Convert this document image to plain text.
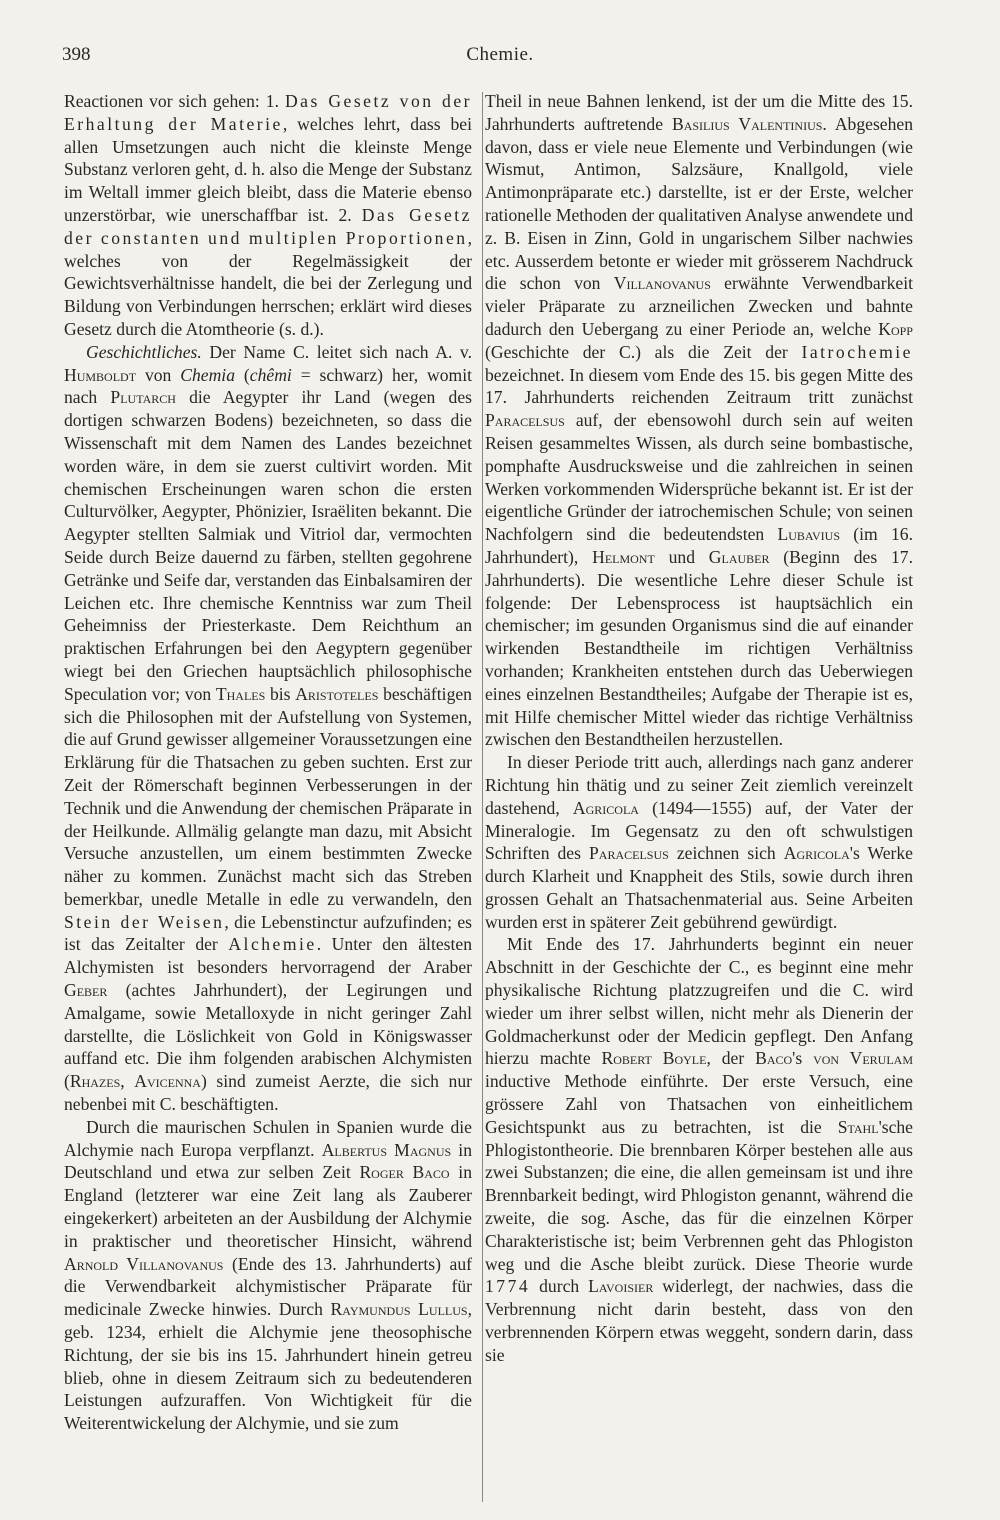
398	Chemie.

Reactionen vor sich gehen: 1. Das Gesetz von der Erhaltung der Materie, welches lehrt, dass bei allen Umsetzungen auch nicht die kleinste Menge Substanz verloren geht, d. h. also die Menge der Substanz im Weltall immer gleich bleibt, dass die Materie ebenso unzerstörbar, wie unerschaffbar ist. 2. Das Gesetz der constanten und multiplen Proportionen, welches von der Regelmässigkeit der Gewichtsverhältnisse handelt, die bei der Zerlegung und Bildung von Verbindungen herrschen; erklärt wird dieses Gesetz durch die Atomtheorie (s. d.).

Geschichtliches. Der Name C. leitet sich nach A. v. Humboldt von Chemia (chêmi = schwarz) her, womit nach Plutarch die Aegypter ihr Land (wegen des dortigen schwarzen Bodens) bezeichneten, so dass die Wissenschaft mit dem Namen des Landes bezeichnet worden wäre, in dem sie zuerst cultivirt worden. Mit chemischen Erscheinungen waren schon die ersten Culturvölker, Aegypter, Phönizier, Israëliten bekannt. Die Aegypter stellten Salmiak und Vitriol dar, vermochten Seide durch Beize dauernd zu färben, stellten gegohrene Getränke und Seife dar, verstanden das Einbalsamiren der Leichen etc. Ihre chemische Kenntniss war zum Theil Geheimniss der Priesterkaste. Dem Reichthum an praktischen Erfahrungen bei den Aegyptern gegenüber wiegt bei den Griechen hauptsächlich philosophische Speculation vor; von Thales bis Aristoteles beschäftigen sich die Philosophen mit der Aufstellung von Systemen, die auf Grund gewisser allgemeiner Voraussetzungen eine Erklärung für die Thatsachen zu geben suchten. Erst zur Zeit der Römerschaft beginnen Verbesserungen in der Technik und die Anwendung der chemischen Präparate in der Heilkunde. Allmälig gelangte man dazu, mit Absicht Versuche anzustellen, um einem bestimmten Zwecke näher zu kommen. Zunächst macht sich das Streben bemerkbar, unedle Metalle in edle zu verwandeln, den Stein der Weisen, die Lebenstinctur aufzufinden; es ist das Zeitalter der Alchemie. Unter den ältesten Alchymisten ist besonders hervorragend der Araber Geber (achtes Jahrhundert), der Legirungen und Amalgame, sowie Metalloxyde in nicht geringer Zahl darstellte, die Löslichkeit von Gold in Königswasser auffand etc. Die ihm folgenden arabischen Alchymisten (Rhazes, Avicenna) sind zumeist Aerzte, die sich nur nebenbei mit C. beschäftigten.

Durch die maurischen Schulen in Spanien wurde die Alchymie nach Europa verpflanzt. Albertus Magnus in Deutschland und etwa zur selben Zeit Roger Baco in England (letzterer war eine Zeit lang als Zauberer eingekerkert) arbeiteten an der Ausbildung der Alchymie in praktischer und theoretischer Hinsicht, während Arnold Villanovanus (Ende des 13. Jahrhunderts) auf die Verwendbarkeit alchymistischer Präparate für medicinale Zwecke hinwies. Durch Raymundus Lullus, geb. 1234, erhielt die Alchymie jene theosophische Richtung, der sie bis ins 15. Jahrhundert hinein getreu blieb, ohne in diesem Zeitraum sich zu bedeutenderen Leistungen aufzuraffen. Von Wichtigkeit für die Weiterentwickelung der Alchymie, und sie zum

Theil in neue Bahnen lenkend, ist der um die Mitte des 15. Jahrhunderts auftretende Basilius Valentinius. Abgesehen davon, dass er viele neue Elemente und Verbindungen (wie Wismut, Antimon, Salzsäure, Knallgold, viele Antimonpräparate etc.) darstellte, ist er der Erste, welcher rationelle Methoden der qualitativen Analyse anwendete und z. B. Eisen in Zinn, Gold in ungarischem Silber nachwies etc. Ausserdem betonte er wieder mit grösserem Nachdruck die schon von Villanovanus erwähnte Verwendbarkeit vieler Präparate zu arzneilichen Zwecken und bahnte dadurch den Uebergang zu einer Periode an, welche Kopp (Geschichte der C.) als die Zeit der Iatrochemie bezeichnet. In diesem vom Ende des 15. bis gegen Mitte des 17. Jahrhunderts reichenden Zeitraum tritt zunächst Paracelsus auf, der ebensowohl durch sein auf weiten Reisen gesammeltes Wissen, als durch seine bombastische, pomphafte Ausdrucksweise und die zahlreichen in seinen Werken vorkommenden Widersprüche bekannt ist. Er ist der eigentliche Gründer der iatrochemischen Schule; von seinen Nachfolgern sind die bedeutendsten Lubavius (im 16. Jahrhundert), Helmont und Glauber (Beginn des 17. Jahrhunderts). Die wesentliche Lehre dieser Schule ist folgende: Der Lebensprocess ist hauptsächlich ein chemischer; im gesunden Organismus sind die auf einander wirkenden Bestandtheile im richtigen Verhältniss vorhanden; Krankheiten entstehen durch das Ueberwiegen eines einzelnen Bestandtheiles; Aufgabe der Therapie ist es, mit Hilfe chemischer Mittel wieder das richtige Verhältniss zwischen den Bestandtheilen herzustellen.

In dieser Periode tritt auch, allerdings nach ganz anderer Richtung hin thätig und zu seiner Zeit ziemlich vereinzelt dastehend, Agricola (1494—1555) auf, der Vater der Mineralogie. Im Gegensatz zu den oft schwulstigen Schriften des Paracelsus zeichnen sich Agricola's Werke durch Klarheit und Knappheit des Stils, sowie durch ihren grossen Gehalt an Thatsachenmaterial aus. Seine Arbeiten wurden erst in späterer Zeit gebührend gewürdigt.

Mit Ende des 17. Jahrhunderts beginnt ein neuer Abschnitt in der Geschichte der C., es beginnt eine mehr physikalische Richtung platzzugreifen und die C. wird wieder um ihrer selbst willen, nicht mehr als Dienerin der Goldmacherkunst oder der Medicin gepflegt. Den Anfang hierzu machte Robert Boyle, der Baco's von Verulam inductive Methode einführte. Der erste Versuch, eine grössere Zahl von Thatsachen von einheitlichem Gesichtspunkt aus zu betrachten, ist die Stahl'sche Phlogistontheorie. Die brennbaren Körper bestehen alle aus zwei Substanzen; die eine, die allen gemeinsam ist und ihre Brennbarkeit bedingt, wird Phlogiston genannt, während die zweite, die sog. Asche, das für die einzelnen Körper Charakteristische ist; beim Verbrennen geht das Phlogiston weg und die Asche bleibt zurück. Diese Theorie wurde 1774 durch Lavoisier widerlegt, der nachwies, dass die Verbrennung nicht darin besteht, dass von den verbrennenden Körpern etwas weggeht, sondern darin, dass sie
